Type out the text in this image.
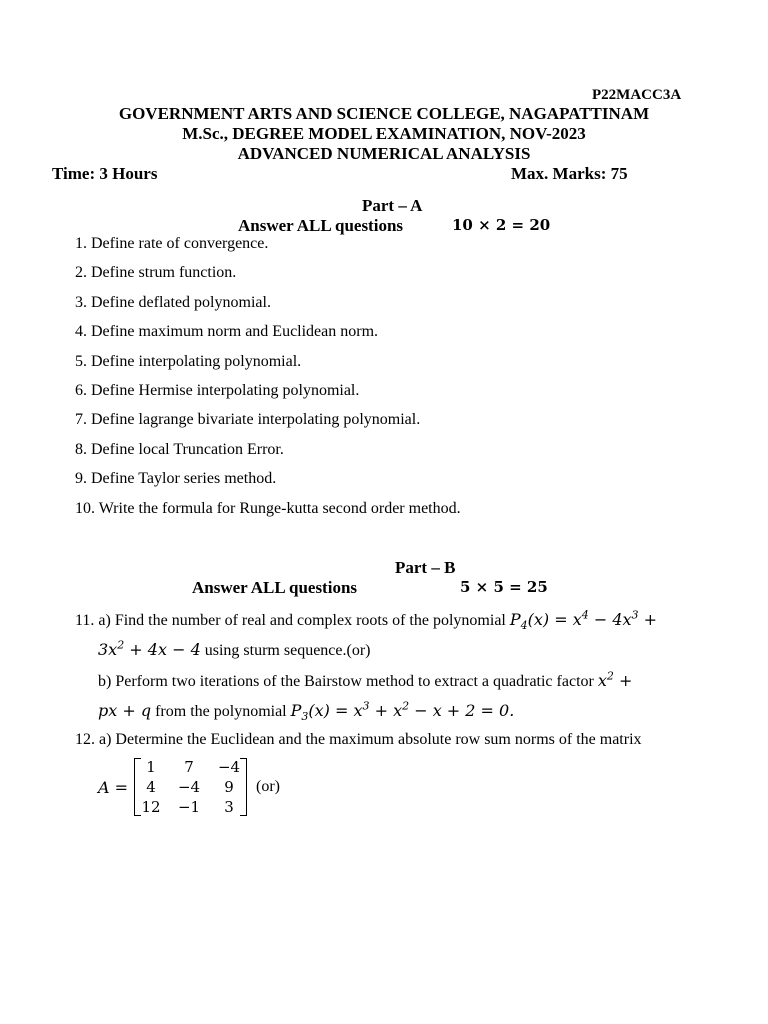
P22MACC3A
GOVERNMENT ARTS AND SCIENCE COLLEGE, NAGAPATTINAM
M.Sc., DEGREE MODEL EXAMINATION, NOV-2023
ADVANCED NUMERICAL ANALYSIS
Time: 3 Hours	Max. Marks: 75
Part – A
Answer ALL questions	10 × 2 = 20
1. Define rate of convergence.
2. Define strum function.
3. Define deflated polynomial.
4. Define maximum norm and Euclidean norm.
5. Define interpolating polynomial.
6. Define Hermise interpolating polynomial.
7. Define lagrange bivariate interpolating polynomial.
8. Define local Truncation Error.
9. Define Taylor series method.
10. Write the formula for Runge-kutta second order method.
Part – B
Answer ALL questions	5 × 5 = 25
11. a) Find the number of real and complex roots of the polynomial $P_4(x) = x^4 - 4x^3$ +
$3x^2 + 4x - 4$ using sturm sequence.(or)
b) Perform two iterations of the Bairstow method to extract a quadratic factor $x^2$ +
px + q from the polynomial $P_3(x) = x^3 + x^2 - x + 2 = 0$.
12. a) Determine the Euclidean and the maximum absolute row sum norms of the matrix
A =
1	7	−4
4	−4	9
12	−1	3
(or)
